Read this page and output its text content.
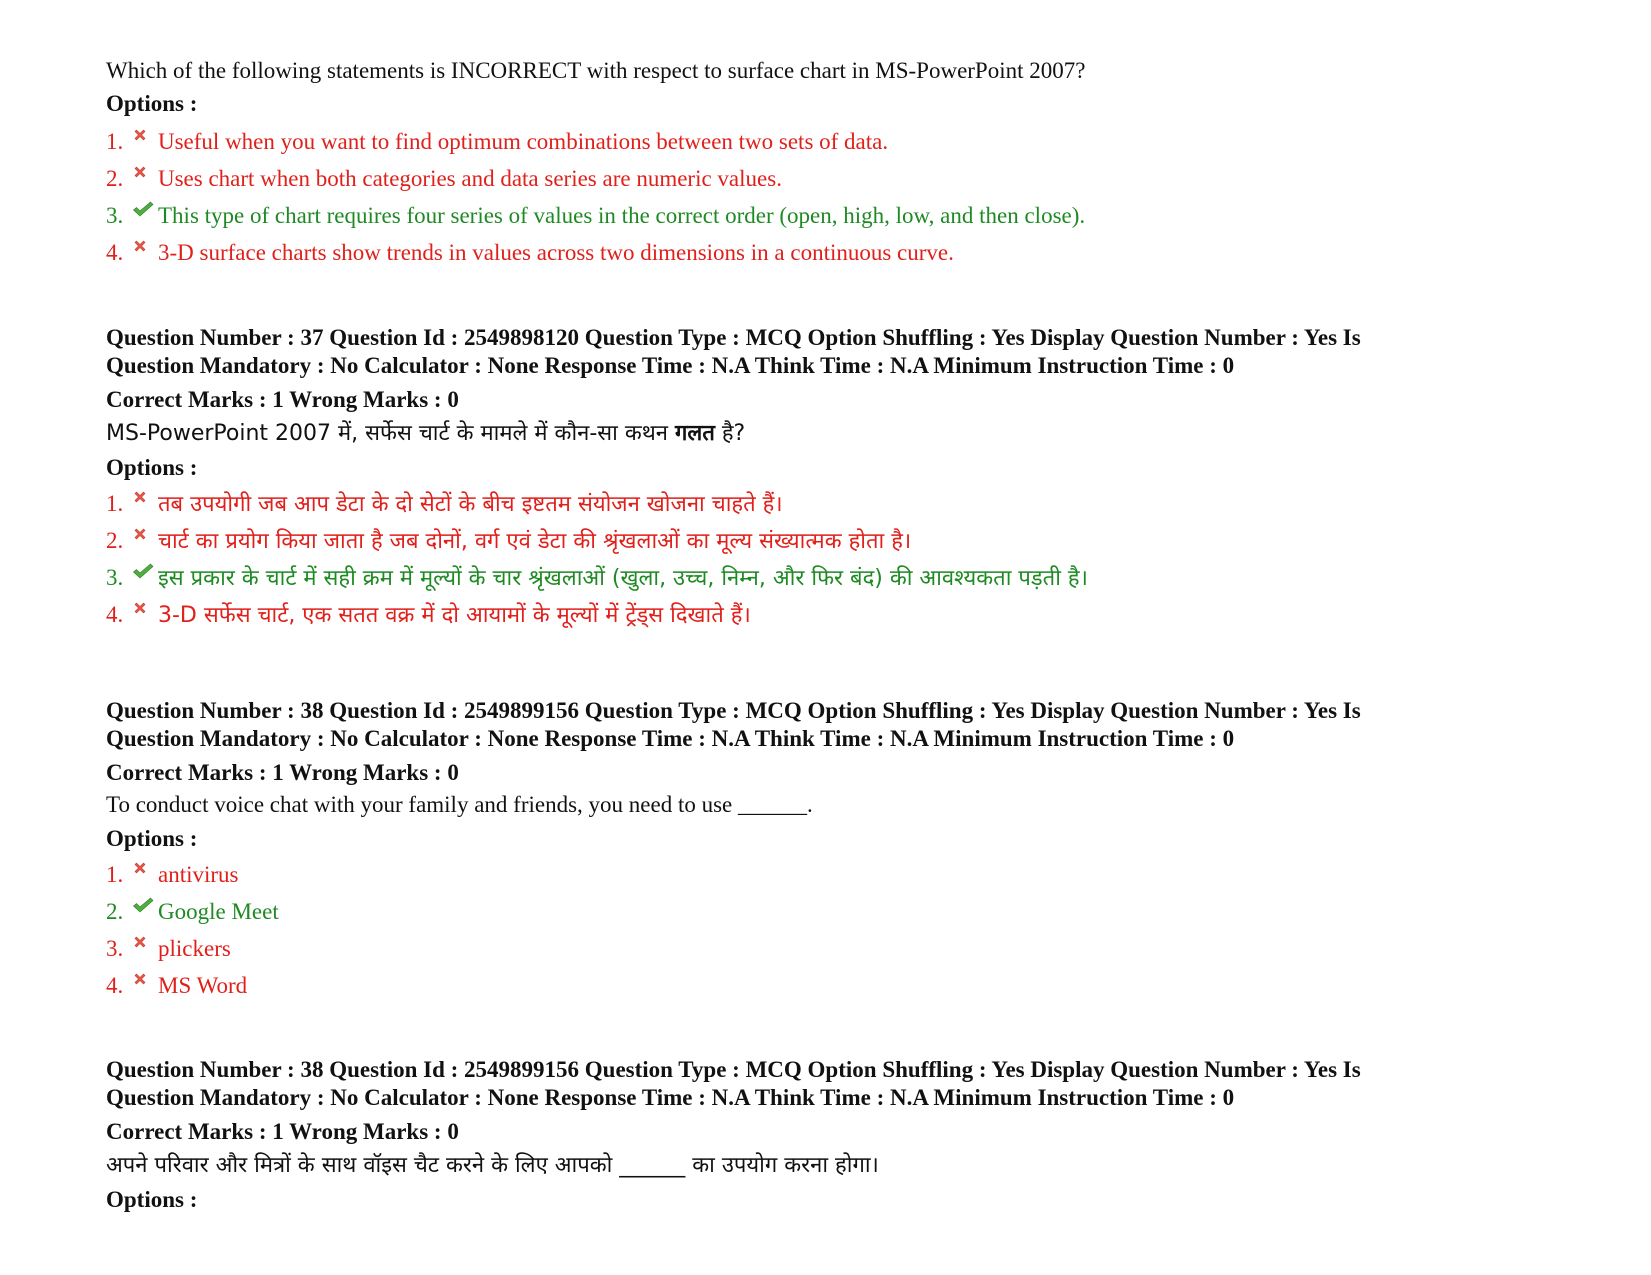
Which of the following statements is INCORRECT with respect to surface chart in MS-PowerPoint 2007?
Options :
1. Useful when you want to find optimum combinations between two sets of data.
2. Uses chart when both categories and data series are numeric values.
3. This type of chart requires four series of values in the correct order (open, high, low, and then close).
4. 3-D surface charts show trends in values across two dimensions in a continuous curve.
Question Number : 37 Question Id : 2549898120 Question Type : MCQ Option Shuffling : Yes Display Question Number : Yes Is
Question Mandatory : No Calculator : None Response Time : N.A Think Time : N.A Minimum Instruction Time : 0
Correct Marks : 1 Wrong Marks : 0
MS-PowerPoint 2007 में, सर्फेस चार्ट के मामले में कौन-सा कथन गलत है?
Options :
1. तब उपयोगी जब आप डेटा के दो सेटों के बीच इष्टतम संयोजन खोजना चाहते हैं।
2. चार्ट का प्रयोग किया जाता है जब दोनों, वर्ग एवं डेटा की श्रृंखलाओं का मूल्य संख्यात्मक होता है।
3. इस प्रकार के चार्ट में सही क्रम में मूल्यों के चार श्रृंखलाओं (खुला, उच्च, निम्न, और फिर बंद) की आवश्यकता पड़ती है।
4. 3-D सर्फेस चार्ट, एक सतत वक्र में दो आयामों के मूल्यों में ट्रेंड्स दिखाते हैं।
Question Number : 38 Question Id : 2549899156 Question Type : MCQ Option Shuffling : Yes Display Question Number : Yes Is
Question Mandatory : No Calculator : None Response Time : N.A Think Time : N.A Minimum Instruction Time : 0
Correct Marks : 1 Wrong Marks : 0
To conduct voice chat with your family and friends, you need to use ______.
Options :
1. antivirus
2. Google Meet
3. plickers
4. MS Word
Question Number : 38 Question Id : 2549899156 Question Type : MCQ Option Shuffling : Yes Display Question Number : Yes Is
Question Mandatory : No Calculator : None Response Time : N.A Think Time : N.A Minimum Instruction Time : 0
Correct Marks : 1 Wrong Marks : 0
अपने परिवार और मित्रों के साथ वॉइस चैट करने के लिए आपको ______ का उपयोग करना होगा।
Options :
